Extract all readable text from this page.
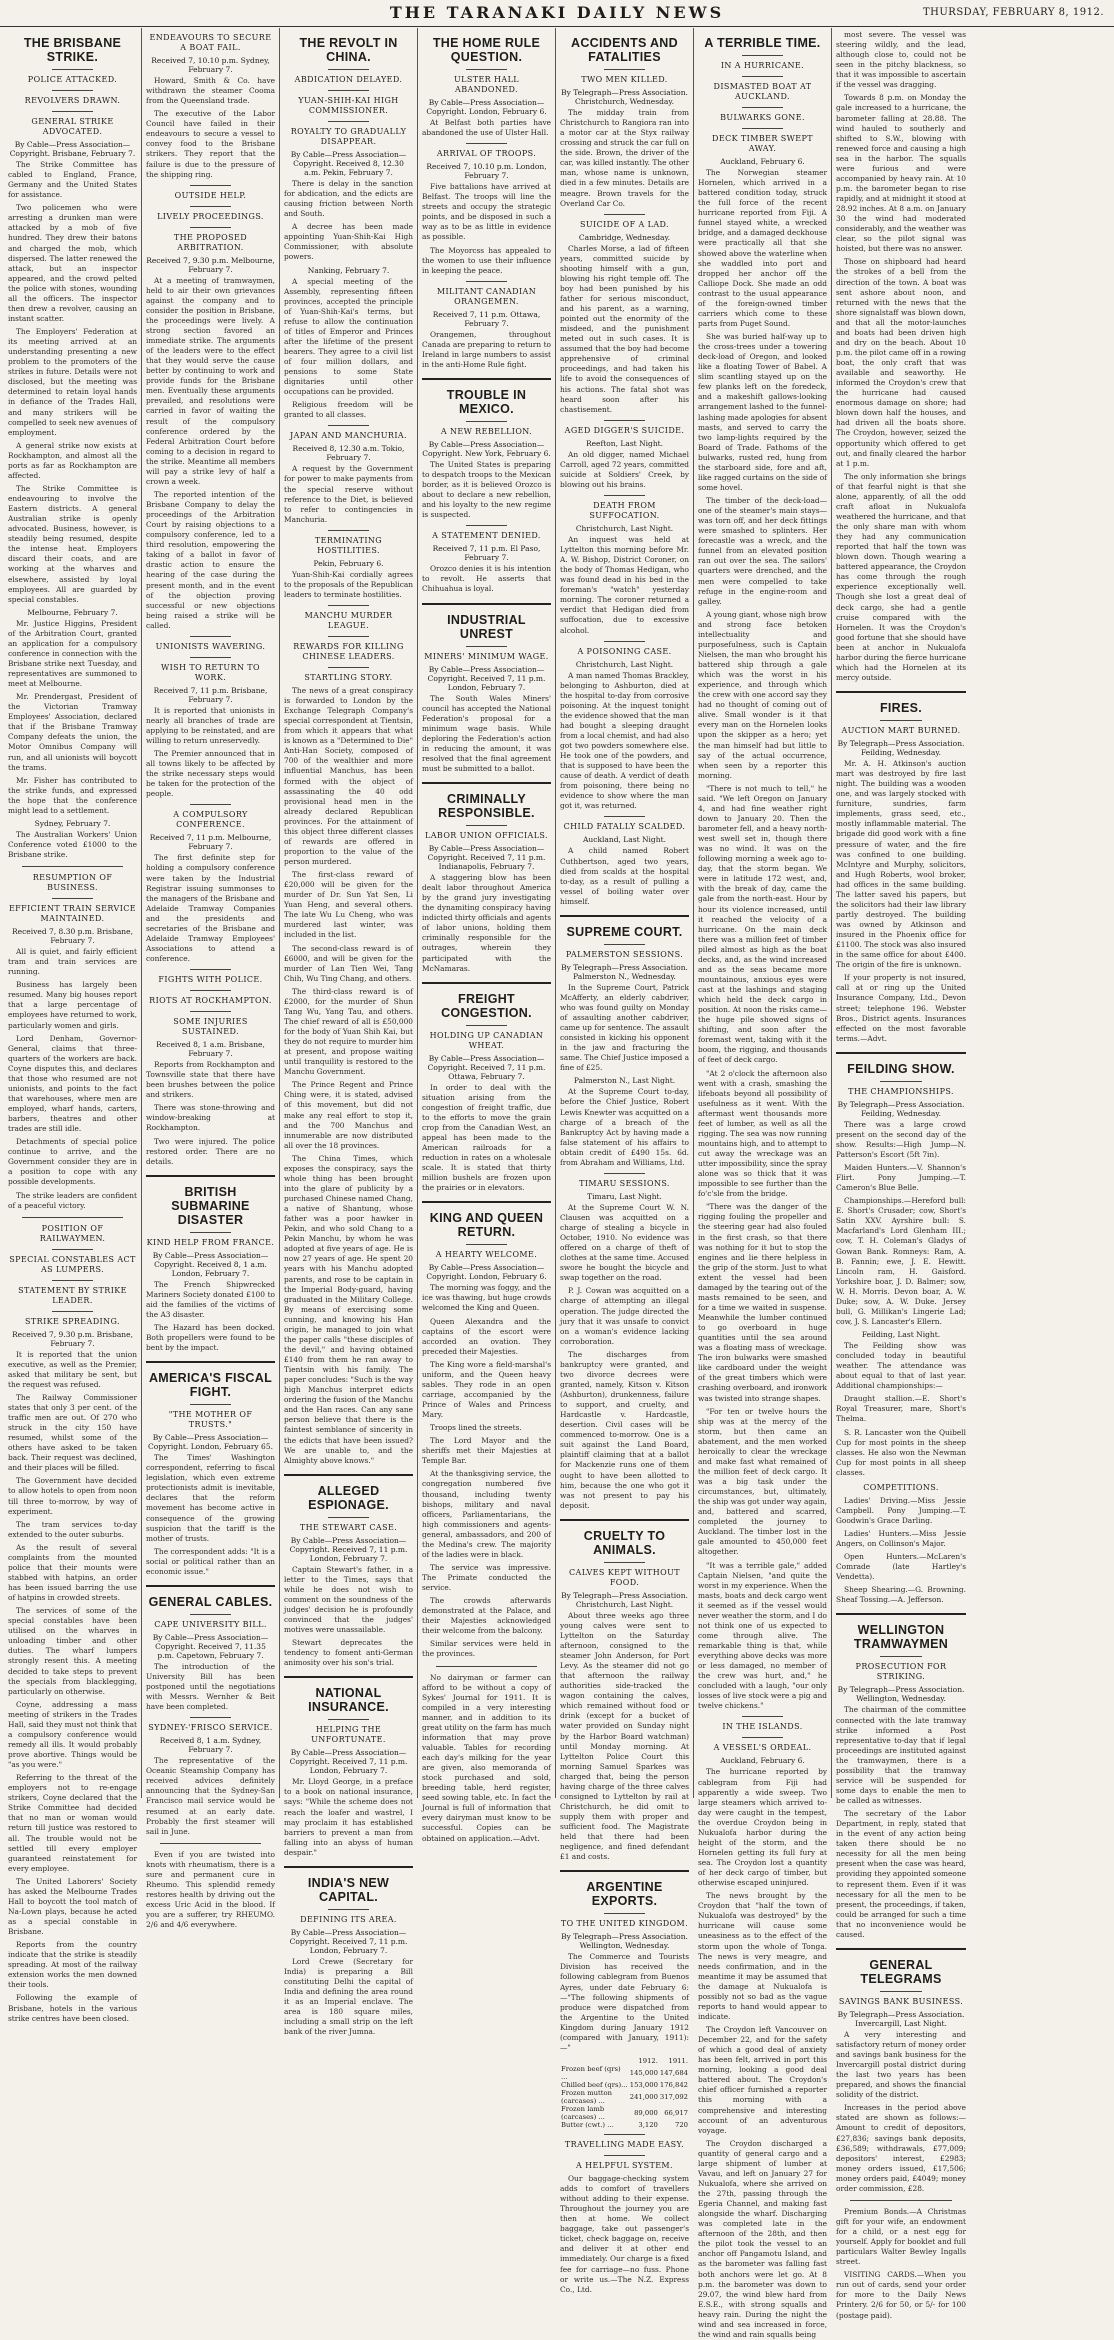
THE TARANAKI DAILY NEWS	THURSDAY, FEBRUARY 8, 1912.
THE BRISBANE STRIKE.
POLICE ATTACKED.
REVOLVERS DRAWN.
GENERAL STRIKE ADVOCATED.
By Cable—Press Association—Copyright. Brisbane, February 7.

The Strike Committee has cabled to England, France, Germany and the United States for assistance.

Two policemen who were arresting a drunken man were attacked by a mob of five hundred. They drew their batons and charged the mob, which dispersed. The latter renewed the attack, but an inspector appeared, and the crowd pelted the police with stones, wounding all the officers. The inspector then drew a revolver, causing an instant scatter.

The Employers' Federation at its meeting arrived at an understanding presenting a new problem to the promoters of the strikes in future. Details were not disclosed, but the meeting was determined to retain loyal hands in defiance of the Trades Hall, and many strikers will be compelled to seek new avenues of employment.

A general strike now exists at Rockhampton, and almost all the ports as far as Rockhampton are affected.

The Strike Committee is endeavouring to involve the Eastern districts. A general Australian strike is openly advocated. Business, however, is steadily being resumed, despite the intense heat. Employers discard their coats, and are working at the wharves and elsewhere, assisted by loyal employees. All are guarded by special constables.

Melbourne, February 7.

Mr. Justice Higgins, President of the Arbitration Court, granted an application for a compulsory conference in connection with the Brisbane strike next Tuesday, and representatives are summoned to meet at Melbourne.

Mr. Prendergast, President of the Victorian Tramway Employees' Association, declared that if the Brisbane Tramway Company defeats the union, the Motor Omnibus Company will run, and all unionists will boycott the trams.

Mr. Fisher has contributed to the strike funds, and expressed the hope that the conference might lead to a settlement.

Sydney, February 7.

The Australian Workers' Union Conference voted £1000 to the Brisbane strike.

RESUMPTION OF BUSINESS.
EFFICIENT TRAIN SERVICE MAINTAINED.
Received 7, 8.30 p.m. Brisbane, February 7.

All is quiet, and fairly efficient tram and train services are running.

Business has largely been resumed. Many big houses report that a large percentage of employees have returned to work, particularly women and girls.

Lord Denham, Governor-General, claims that three-quarters of the workers are back. Coyne disputes this, and declares that those who resumed are not unionists, and points to the fact that warehouses, where men are employed, wharf hands, carters, barbers, theatres and other trades are still idle.

Detachments of special police continue to arrive, and the Government consider they are in a position to cope with any possible developments.

The strike leaders are confident of a peaceful victory.

POSITION OF RAILWAYMEN.
SPECIAL CONSTABLES ACT AS LUMPERS.
STATEMENT BY STRIKE LEADER.
STRIKE SPREADING.
Received 7, 9.30 p.m. Brisbane, February 7.

It is reported that the union executive, as well as the Premier, asked that military be sent, but the request was refused.

The Railway Commissioner states that only 3 per cent. of the traffic men are out. Of 270 who struck in the city 150 have resumed, whilst some of the others have asked to be taken back. Their request was declined, and their places will be filled.

The Government have decided to allow hotels to open from noon till three to-morrow, by way of experiment.

The tram services to-day extended to the outer suburbs.

As the result of several complaints from the mounted police that their mounts were stabbed with hatpins, an order has been issued barring the use of hatpins in crowded streets.

The services of some of the special constables have been utilised on the wharves in unloading timber and other duties. The wharf lumpers strongly resent this. A meeting decided to take steps to prevent the specials from blacklegging, particularly on otherwise.

Coyne, addressing a mass meeting of strikers in the Trades Hall, said they must not think that a compulsory conference would remedy all ills. It would probably prove abortive. Things would be "as you were."

Referring to the threat of the employers not to re-engage strikers, Coyne declared that the Strike Committee had decided that no man or woman would return till justice was restored to all. The trouble would not be settled till every employer guaranteed reinstatement for every employee.

The United Laborers' Society has asked the Melbourne Trades Hall to boycott the tool match of Na-Lown plays, because he acted as a special constable in Brisbane.

Reports from the country indicate that the strike is steadily spreading. At most of the railway extension works the men downed their tools.

Following the example of Brisbane, hotels in the various strike centres have been closed.

ENDEAVOURS TO SECURE A BOAT FAIL.
Received 7, 10.10 p.m. Sydney, February 7.

Howard, Smith & Co. have withdrawn the steamer Cooma from the Queensland trade.

The executive of the Labor Council have failed in their endeavours to secure a vessel to convey food to the Brisbane strikers. They report that the failure is due to the pressure of the shipping ring.

OUTSIDE HELP.
LIVELY PROCEEDINGS.
THE PROPOSED ARBITRATION.
Received 7, 9.30 p.m. Melbourne, February 7.

At a meeting of tramwaymen, held to air their own grievances against the company and to consider the position in Brisbane, the proceedings were lively. A strong section favored an immediate strike. The arguments of the leaders were to the effect that they would serve the cause better by continuing to work and provide funds for the Brisbane men. Eventually these arguments prevailed, and resolutions were carried in favor of waiting the result of the compulsory conference ordered by the Federal Arbitration Court before coming to a decision in regard to the strike. Meantime all members will pay a strike levy of half a crown a week.

The reported intention of the Brisbane Company to delay the proceedings of the Arbitration Court by raising objections to a compulsory conference, led to a third resolution, empowering the taking of a ballot in favor of drastic action to ensure the hearing of the case during the present month, and in the event of the objection proving successful or new objections being raised a strike will be called.

UNIONISTS WAVERING.
WISH TO RETURN TO WORK.
Received 7, 11 p.m. Brisbane, February 7.

It is reported that unionists in nearly all branches of trade are applying to be reinstated, and are willing to return unreservedly.

The Premier announced that in all towns likely to be affected by the strike necessary steps would be taken for the protection of the people.

A COMPULSORY CONFERENCE.
Received 7, 11 p.m. Melbourne, February 7.

The first definite step for holding a compulsory conference were taken by the Industrial Registrar issuing summonses to the managers of the Brisbane and Adelaide Tramway Companies and the presidents and secretaries of the Brisbane and Adelaide Tramway Employees' Associations to attend a conference.

FIGHTS WITH POLICE.
RIOTS AT ROCKHAMPTON.
SOME INJURIES SUSTAINED.
Received 8, 1 a.m. Brisbane, February 7.

Reports from Rockhampton and Townsville state that there have been brushes between the police and strikers.

There was stone-throwing and window-breaking at Rockhampton.

Two were injured. The police restored order. There are no details.

BRITISH SUBMARINE DISASTER
KIND HELP FROM FRANCE.
By Cable—Press Association—Copyright. Received 8, 1 a.m. London, February 7.

The French Shipwrecked Mariners Society donated £100 to aid the families of the victims of the A3 disaster.

The Hazard has been docked. Both propellers were found to be bent by the impact.

AMERICA'S FISCAL FIGHT.
"THE MOTHER OF TRUSTS."
By Cable—Press Association—Copyright. London, February 65.

The Times' Washington correspondent, referring to fiscal legislation, which even extreme protectionists admit is inevitable, declares that the reform movement has become active in consequence of the growing suspicion that the tariff is the mother of trusts.

The correspondent adds: "It is a social or political rather than an economic issue."

GENERAL CABLES.
CAPE UNIVERSITY BILL.
By Cable—Press Association—Copyright. Received 7, 11.35 p.m. Capetown, February 7.

The introduction of the University Bill has been postponed until the negotiations with Messrs. Wernher & Beit have been completed.

SYDNEY-'FRISCO SERVICE.
Received 8, 1 a.m. Sydney, February 7.

The representative of the Oceanic Steamship Company has received advices definitely announcing that the Sydney-San Francisco mail service would be resumed at an early date. Probably the first steamer will sail in June.

Even if you are twisted into knots with rheumatism, there is a sure and permanent cure in Rheumo. This splendid remedy restores health by driving out the excess Uric Acid in the blood. If you are a sufferer, try RHEUMO. 2/6 and 4/6 everywhere.

THE REVOLT IN CHINA.
ABDICATION DELAYED.
YUAN-SHIH-KAI HIGH COMMISSIONER.
ROYALTY TO GRADUALLY DISAPPEAR.
By Cable—Press Association—Copyright. Received 8, 12.30 a.m. Pekin, February 7.

There is delay in the sanction for abdication, and the edicts are causing friction between North and South.

A decree has been made appointing Yuan-Shih-Kai High Commissioner, with absolute powers.

Nanking, February 7.

A special meeting of the Assembly, representing fifteen provinces, accepted the principle of Yuan-Shih-Kai's terms, but refuse to allow the continuation of titles of Emperor and Princes after the lifetime of the present bearers. They agree to a civil list of four million dollars, and pensions to some State dignitaries until other occupations can be provided.

Religious freedom will be granted to all classes.

JAPAN AND MANCHURIA.
Received 8, 12.30 a.m. Tokio, February 7.

A request by the Government for power to make payments from the special reserve without reference to the Diet, is believed to refer to contingencies in Manchuria.

TERMINATING HOSTILITIES.
Pekin, February 6.

Yuan-Shih-Kai cordially agrees to the proposals of the Republican leaders to terminate hostilities.

MANCHU MURDER LEAGUE.
REWARDS FOR KILLING CHINESE LEADERS.
STARTLING STORY.

The news of a great conspiracy is forwarded to London by the Exchange Telegraph Company's special correspondent at Tientsin, from which it appears that what is known as a "Determined to Die" Anti-Han Society, composed of 700 of the wealthier and more influential Manchus, has been formed with the object of assassinating the 40 odd provisional head men in the already declared Republican provinces. For the attainment of this object three different classes of rewards are offered in proportion to the value of the person murdered.

The first-class reward of £20,000 will be given for the murder of Dr. Sun Yat Sen, Li Yuan Heng, and several others. The late Wu Lu Cheng, who was murdered last winter, was included in the list.

The second-class reward is of £6000, and will be given for the murder of Lan Tien Wei, Tang Chih, Wu Ting Chang, and others.

The third-class reward is of £2000, for the murder of Shun Tang Wu, Yang Tau, and others. The chief reward of all is £50,000 for the body of Yuan Shih Kai, but they do not require to murder him at present, and propose waiting until tranquility is restored to the Manchu Government.

The Prince Regent and Prince Ching were, it is stated, advised of this movement, but did not make any real effort to stop it, and the 700 Manchus and innumerable are now distributed all over the 18 provinces.

The China Times, which exposes the conspiracy, says the whole thing has been brought into the glare of publicity by a purchased Chinese named Chang, a native of Shantung, whose father was a poor hawker in Pekin, and who sold Chang to a Pekin Manchu, by whom he was adopted at five years of age. He is now 27 years of age. He spent 20 years with his Manchu adopted parents, and rose to be captain in the Imperial Body-guard, having graduated in the Military College. By means of exercising some cunning, and knowing his Han origin, he managed to join what the paper calls "these disciples of the devil," and having obtained £140 from them he ran away to Tientsin with his family. The paper concludes: "Such is the way high Manchus interpret edicts ordering the fusion of the Manchu and the Han races. Can any sane person believe that there is the faintest semblance of sincerity in the edicts that have been issued? We are unable to, and the Almighty above knows."

ALLEGED ESPIONAGE.
THE STEWART CASE.
By Cable—Press Association—Copyright. Received 7, 11 p.m. London, February 7.

Captain Stewart's father, in a letter to the Times, says that while he does not wish to comment on the soundness of the judges' decision he is profoundly convinced that the judges' motives were unassailable.

Stewart deprecates the tendency to foment anti-German animosity over his son's trial.

NATIONAL INSURANCE.
HELPING THE UNFORTUNATE.
By Cable—Press Association—Copyright. Received 7, 11 p.m. London, February 7.

Mr. Lloyd George, in a preface to a book on national insurance, says: "While the scheme does not reach the loafer and wastrel, I may proclaim it has established barriers to prevent a man from falling into an abyss of human despair."

INDIA'S NEW CAPITAL.
DEFINING ITS AREA.
By Cable—Press Association—Copyright. Received 7, 11 p.m. London, February 7.

Lord Crewe (Secretary for India) is preparing a Bill constituting Delhi the capital of India and defining the area round it as an Imperial enclave. The area is 180 square miles, including a small strip on the left bank of the river Jumna.

THE HOME RULE QUESTION.
ULSTER HALL ABANDONED.
By Cable—Press Association—Copyright. London, February 6.

At Belfast both parties have abandoned the use of Ulster Hall.

ARRIVAL OF TROOPS.
Received 7, 10.10 p.m. London, February 7.

Five battalions have arrived at Belfast. The troops will line the streets and occupy the strategic points, and be disposed in such a way as to be as little in evidence as possible.

The Moyorcss has appealed to the women to use their influence in keeping the peace.

MILITANT CANADIAN ORANGEMEN.
Received 7, 11 p.m. Ottawa, February 7.

Orangemen, throughout Canada are preparing to return to Ireland in large numbers to assist in the anti-Home Rule fight.

TROUBLE IN MEXICO.
A NEW REBELLION.
By Cable—Press Association—Copyright. New York, February 6.

The United States is preparing to despatch troops to the Mexican border, as it is believed Orozco is about to declare a new rebellion, and his loyalty to the new regime is suspected.

A STATEMENT DENIED.
Received 7, 11 p.m. El Paso, February 7.

Orozco denies it is his intention to revolt. He asserts that Chihuahua is loyal.

INDUSTRIAL UNREST
MINERS' MINIMUM WAGE.
By Cable—Press Association—Copyright. Received 7, 11 p.m. London, February 7.

The South Wales Miners' council has accepted the National Federation's proposal for a minimum wage basis. While deploring the Federation's action in reducing the amount, it was resolved that the final agreement must be submitted to a ballot.

CRIMINALLY RESPONSIBLE.
LABOR UNION OFFICIALS.
By Cable—Press Association—Copyright. Received 7, 11 p.m. Indianapolis, February 7.

A staggering blow has been dealt labor throughout America by the grand jury investigating the dynamiting conspiracy having indicted thirty officials and agents of labor unions, holding them criminally responsible for the outrages, wherein they participated with the McNamaras.

FREIGHT CONGESTION.
HOLDING UP CANADIAN WHEAT.
By Cable—Press Association—Copyright. Received 7, 11 p.m. Ottawa, February 7.

In order to deal with the situation arising from the congestion of freight traffic, due to the efforts to move the grain crop from the Canadian West, an appeal has been made to the American railroads for a reduction in rates on a wholesale scale. It is stated that thirty million bushels are frozen upon the prairies or in elevators.

KING AND QUEEN RETURN.
A HEARTY WELCOME.
By Cable—Press Association—Copyright. London, February 6.

The morning was foggy, and the ice was thawing, but huge crowds welcomed the King and Queen.

Queen Alexandra and the captains of the escort were accorded an ovation. They preceded their Majesties.

The King wore a field-marshal's uniform, and the Queen heavy sables. They rode in an open carriage, accompanied by the Prince of Wales and Princess Mary.

Troops lined the streets.

The Lord Mayor and the sheriffs met their Majesties at Temple Bar.

At the thanksgiving service, the congregation numbered five thousand, including twenty bishops, military and naval officers, Parliamentarians, the high commissioners and agents-general, ambassadors, and 200 of the Medina's crew. The majority of the ladies were in black.

The service was impressive. The Primate conducted the service.

The crowds afterwards demonstrated at the Palace, and their Majesties acknowledged their welcome from the balcony.

Similar services were held in the provinces.

No dairyman or farmer can afford to be without a copy of Sykes' Journal for 1911. It is compiled in a very interesting manner, and in addition to its great utility on the farm has much information that may prove valuable. Tables for recording each day's milking for the year are given, also memoranda of stock purchased and sold, breeding table, herd register, seed sowing table, etc. In fact the Journal is full of information that every dairyman must know to be successful. Copies can be obtained on application.—Advt.

ACCIDENTS AND FATALITIES
TWO MEN KILLED.
By Telegraph—Press Association. Christchurch, Wednesday.

The midday train from Christchurch to Rangiora ran into a motor car at the Styx railway crossing and struck the car full on the side. Brown, the driver of the car, was killed instantly. The other man, whose name is unknown, died in a few minutes. Details are meagre. Brown travels for the Overland Car Co.

SUICIDE OF A LAD.
Cambridge, Wednesday.

Charles Morse, a lad of fifteen years, committed suicide by shooting himself with a gun, blowing his right temple off. The boy had been punished by his father for serious misconduct, and his parent, as a warning, pointed out the enormity of the misdeed, and the punishment meted out in such cases. It is assumed that the boy had become apprehensive of criminal proceedings, and had taken his life to avoid the consequences of his actions. The fatal shot was heard soon after his chastisement.

AGED DIGGER'S SUICIDE.
Reefton, Last Night.

An old digger, named Michael Carroll, aged 72 years, committed suicide at Soldiers' Creek, by blowing out his brains.

DEATH FROM SUFFOCATION.
Christchurch, Last Night.

An inquest was held at Lyttelton this morning before Mr. A. W. Bishop, District Coroner, on the body of Thomas Hedigan, who was found dead in his bed in the foreman's "watch" yesterday morning. The coroner returned a verdict that Hedigan died from suffocation, due to excessive alcohol.

A POISONING CASE.
Christchurch, Last Night.

A man named Thomas Brackley, belonging to Ashburton, died at the hospital to-day from corrosive poisoning. At the inquest tonight the evidence showed that the man had bought a sleeping draught from a local chemist, and had also got two powders somewhere else. He took one of the powders, and that is supposed to have been the cause of death. A verdict of death from poisoning, there being no evidence to show where the man got it, was returned.

CHILD FATALLY SCALDED.
Auckland, Last Night.

A child named Robert Cuthbertson, aged two years, died from scalds at the hospital to-day, as a result of pulling a vessel of boiling water over himself.

SUPREME COURT.
PALMERSTON SESSIONS.
By Telegraph—Press Association. Palmerston N., Wednesday.

In the Supreme Court, Patrick McAfferty, an elderly cabdriver, who was found guilty on Monday of assaulting another cabdriver, came up for sentence. The assault consisted in kicking his opponent in the jaw and fracturing the same. The Chief Justice imposed a fine of £25.

Palmerston N., Last Night.

At the Supreme Court to-day, before the Chief Justice, Robert Lewis Knewter was acquitted on a charge of a breach of the Bankruptcy Act by having made a false statement of his affairs to obtain credit of £490 15s. 6d. from Abraham and Williams, Ltd.

TIMARU SESSIONS.
Timaru, Last Night.

At the Supreme Court W. N. Clausen was acquitted on a charge of stealing a bicycle in October, 1910. No evidence was offered on a charge of theft of clothes at the same time. Accused swore he bought the bicycle and swap together on the road.

P. J. Cowan was acquitted on a charge of attempting an illegal operation. The judge directed the jury that it was unsafe to convict on a woman's evidence lacking corroboration.

The discharges from bankruptcy were granted, and two divorce decrees were granted, namely, Kitson v. Kitson (Ashburton), drunkenness, failure to support, and cruelty, and Hardcastle v. Hardcastle, desertion. Civil cases will be commenced to-morrow. One is a suit against the Land Board, plaintiff claiming that at a ballot for Mackenzie runs one of them ought to have been allotted to him, because the one who got it was not present to pay his deposit.

CRUELTY TO ANIMALS.
CALVES KEPT WITHOUT FOOD.
By Telegraph—Press Association. Christchurch, Last Night.

About three weeks ago three young calves were sent to Lyttelton on the Saturday afternoon, consigned to the steamer John Anderson, for Port Levy. As the steamer did not go that afternoon the railway authorities side-tracked the wagon containing the calves, which remained without food or drink (except for a bucket of water provided on Sunday night by the Harbor Board watchman) until Monday morning. At Lyttelton Police Court this morning Samuel Sparkes was charged that, being the person having charge of the three calves consigned to Lyttelton by rail at Christchurch, he did omit to supply them with proper and sufficient food. The Magistrate held that there had been negligence, and fined defendant £1 and costs.

ARGENTINE EXPORTS.
TO THE UNITED KINGDOM.
By Telegraph—Press Association. Wellington, Wednesday.

The Commerce and Tourists Division has received the following cablegram from Buenos Ayres, under date February 6:—"The following shipments of produce were dispatched from the Argentine to the United Kingdom during January 1912 (compared with January, 1911):—"

	1912.	1911.
Frozen beef (qrs) ...	145,000	147,684
Chilled beef (qrs)...	153,000	176,842
Frozen mutton (carcases) ...	241,000	317,092
Frozen lamb (carcases) ...	89,000	66,917
Butter (cwt.) ...	3,120	720
TRAVELLING MADE EASY.
A HELPFUL SYSTEM.

Our baggage-checking system adds to comfort of travellers without adding to their expense. Throughout the journey you are then at home. We collect baggage, take out passenger's ticket, check baggage on, receive and deliver it at other end immediately. Our charge is a fixed fee for carriage—no fuss. Phone or write us.—The N.Z. Express Co., Ltd.

A TERRIBLE TIME.
IN A HURRICANE.
DISMASTED BOAT AT AUCKLAND.
BULWARKS GONE.
DECK TIMBER SWEPT AWAY.
Auckland, February 6.

The Norwegian steamer Hornelen, which arrived in a battered condition today, struck the full force of the recent hurricane reported from Fiji. A funnel stayed white, a wrecked bridge, and a damaged deckhouse were practically all that she showed above the waterline when she waddled into port and dropped her anchor off the Calliope Dock. She made an odd contrast to the usual appearance of the foreign-owned timber carriers which come to these parts from Puget Sound.

She was buried half-way up to the cross-trees under a towering deck-load of Oregon, and looked like a floating Tower of Babel. A slim scantling stayed up on the few planks left on the foredeck, and a makeshift gallows-looking arrangement lashed to the funnel-lashing made apologies for absent masts, and served to carry the two lamp-lights required by the Board of Trade. Fathoms of the bulwarks, rusted red, hung from the starboard side, fore and aft, like ragged curtains on the side of some hovel.

The timber of the deck-load—one of the steamer's main stays—was torn off, and her deck fittings were smashed to splinters. Her forecastle was a wreck, and the funnel from an elevated position ran out over the sea. The sailors' quarters were drenched, and the men were compelled to take refuge in the engine-room and galley.

A young giant, whose nigh brow and strong face betoken intellectuality and purposefulness, such is Captain Nielsen, the man who brought his battered ship through a gale which was the worst in his experience, and through which the crew with one accord say they had no thought of coming out of alive. Small wonder is it that every man on the Hornelen looks upon the skipper as a hero; yet the man himself had but little to say of the actual occurrence, when seen by a reporter this morning.

"There is not much to tell," he said. "We left Oregon on January 4, and had fine weather right down to January 20. Then the barometer fell, and a heavy north-west swell set in, though there was no wind. It was on the following morning a week ago to-day, that the storm began. We were in latitude 172 west, and, with the break of day, came the gale from the north-east. Hour by hour its violence increased, until it reached the velocity of a hurricane. On the main deck there was a million feet of timber piled almost as high as the boat decks, and, as the wind increased and as the seas became more mountainous, anxious eyes were cast at the lashings and staging which held the deck cargo in position. At noon the risks came—the huge pile showed signs of shifting, and soon after the foremast went, taking with it the boom, the rigging, and thousands of feet of deck cargo.

"At 2 o'clock the afternoon also went with a crash, smashing the lifeboats beyond all possibility of usefulness as it went. With the aftermast went thousands more feet of lumber, as well as all the rigging. The sea was now running mountains high, and to attempt to cut away the wreckage was an utter impossibility, since the spray alone was so thick that it was impossible to see further than the fo'c'sle from the bridge.

"There was the danger of the rigging fouling the propeller and the steering gear had also fouled in the first crash, so that there was nothing for it but to stop the engines and lie there helpless in the grip of the storm. Just to what extent the vessel had been damaged by the tearing out of the masts remained to be seen, and for a time we waited in suspense. Meanwhile the lumber continued to go overboard in huge quantities until the sea around was a floating mass of wreckage. The iron bulwarks were smashed like cardboard under the weight of the great timbers which were crashing overboard, and ironwork was twisted into strange shapes.

"For ten or twelve hours the ship was at the mercy of the storm, but then came an abatement, and the men worked heroically to clear the wreckage and make fast what remained of the million feet of deck cargo. It was a big task under the circumstances, but, ultimately, the ship was got under way again, and, battered and scarred, completed the journey to Auckland. The timber lost in the gale amounted to 450,000 feet altogether.

"It was a terrible gale," added Captain Nielsen, "and quite the worst in my experience. When the masts, boats and deck cargo went it seemed as if the vessel would never weather the storm, and I do not think one of us expected to come through alive. The remarkable thing is that, while everything above decks was more or less damaged, no member of the crew was hurt, and," he concluded with a laugh, "our only losses of live stock were a pig and twelve chickens."

IN THE ISLANDS.
A VESSEL'S ORDEAL.
Auckland, February 6.

The hurricane reported by cablegram from Fiji had apparently a wide sweep. Two large steamers which arrived to-day were caught in the tempest, the overdue Croydon being in Nukualofa harbor during the height of the storm, and the Hornelen getting its full fury at sea. The Croydon lost a quantity of her deck cargo of timber, but otherwise escaped uninjured.

The news brought by the Croydon that "half the town of Nukualofa was destroyed" by the hurricane will cause some uneasiness as to the effect of the storm upon the whole of Tonga. The news is very meagre, and needs confirmation, and in the meantime it may be assumed that the damage at Nukualofa is possibly not so bad as the vague reports to hand would appear to indicate.

The Croydon left Vancouver on December 22, and for the safety of which a good deal of anxiety has been felt, arrived in port this morning, looking a good deal battered about. The Croydon's chief officer furnished a reporter this morning with a comprehensive and interesting account of an adventurous voyage.

The Croydon discharged a quantity of general cargo and a large shipment of lumber at Vavau, and left on January 27 for Nukualofa, where she arrived on the 27th, passing through the Egeria Channel, and making fast alongside the wharf. Discharging was completed late in the afternoon of the 28th, and then the pilot took the vessel to an anchor off Pangamotu Island, and as the barometer was falling fast both anchors were let go. At 8 p.m. the barometer was down to 29.07, the wind blew hard from E.S.E., with strong squalls and heavy rain. During the night the wind and sea increased in force, the wind and rain squalls being

most severe. The vessel was steering wildly, and the lead, although close to, could not be seen in the pitchy blackness, so that it was impossible to ascertain if the vessel was dragging.

Towards 8 p.m. on Monday the gale increased to a hurricane, the barometer falling at 28.88. The wind hauled to southerly and shifted to S.W., blowing with renewed force and causing a high sea in the harbor. The squalls were furious and were accompanied by heavy rain. At 10 p.m. the barometer began to rise rapidly, and at midnight it stood at 28.92 inches. At 8 a.m. on January 30 the wind had moderated considerably, and the weather was clear, so the pilot signal was hoisted, but there was no answer.

Those on shipboard had heard the strokes of a bell from the direction of the town. A boat was sent ashore about noon, and returned with the news that the shore signalstaff was blown down, and that all the motor-launches and boats had been driven high and dry on the beach. About 10 p.m. the pilot came off in a rowing boat, the only craft that was available and seaworthy. He informed the Croydon's crew that the hurricane had caused enormous damage on shore; had blown down half the houses, and had driven all the boats shore. The Croydon, however, seized the opportunity which offered to get out, and finally cleared the harbor at 1 p.m.

The only information she brings of that fearful night is that she alone, apparently, of all the odd craft afloat in Nukualofa weathered the hurricane, and that the only share man with whom they had any communication reported that half the town was blown down. Though wearing a battered appearance, the Croydon has come through the rough experience exceptionally well. Though she lost a great deal of deck cargo, she had a gentle cruise compared with the Hornelen. It was the Croydon's good fortune that she should have been at anchor in Nukualofa harbor during the fierce hurricane which had the Hornelen at its mercy outside.

FIRES.
AUCTION MART BURNED.
By Telegraph—Press Association. Feilding, Wednesday.

Mr. A. H. Atkinson's auction mart was destroyed by fire last night. The building was a wooden one, and was largely stocked with furniture, sundries, farm implements, grass seed, etc., mostly inflammable material. The brigade did good work with a fine pressure of water, and the fire was confined to one building. McIntyre and Murphy, solicitors, and Hugh Roberts, wool broker, had offices in the same building. The latter saved his papers, but the solicitors had their law library partly destroyed. The building was owned by Atkinson and insured in the Phoenix office for £1100. The stock was also insured in the same office for about £400. The origin of the fire is unknown.

If your property is not insured, call at or ring up the United Insurance Company, Ltd., Devon street; telephone 196. Webster Bros., District agents. Insurances effected on the most favorable terms.—Advt.

FEILDING SHOW.
THE CHAMPIONSHIPS.
By Telegraph—Press Association. Feilding, Wednesday.

There was a large crowd present on the second day of the show. Results:—High Jump—N. Patterson's Escort (5ft 7in).

Maiden Hunters.—V. Shannon's Flirt. Pony Jumping.—T. Cameron's Blue Belle.

Championships.—Hereford bull: E. Short's Crusader; cow, Short's Satin XXV. Ayrshire bull: S. Macfarland's Lord Glenham III.; cow, T. H. Coleman's Gladys of Gowan Bank. Romneys: Ram, A. B. Fannin; ewe, J. E. Hewitt. Lincoln ram, H. Gaisford. Yorkshire boar, J. D. Balmer; sow, W. H. Morris. Devon boar, A. W. Duke; sow, A. W. Duke. Jersey bull, G. Millikan's Lingerie Lad; cow, J. S. Lancaster's Ellern.

Feilding, Last Night.

The Feilding show was concluded today in beautiful weather. The attendance was about equal to that of last year. Additional championships:—

Draught stallion.—E. Short's Royal Treasurer, mare, Short's Thelma.

S. R. Lancaster won the Quibell Cup for most points in the sheep classes. He also won the Newman Cup for most points in all sheep classes.

COMPETITIONS.

Ladies' Driving.—Miss Jessie Campbell. Pony Jumping.—T. Goodwin's Grace Darling.

Ladies' Hunters.—Miss Jessie Angers, on Collinson's Major.

Open Hunters.—McLaren's Comrade (late Hartley's Vendetta).

Sheep Shearing.—G. Browning. Sheaf Tossing.—A. Jefferson.

WELLINGTON TRAMWAYMEN
PROSECUTION FOR STRIKING.
By Telegraph—Press Association. Wellington, Wednesday.

The chairman of the committee connected with the late tramway strike informed a Post representative to-day that if legal proceedings are instituted against the tramwaymen, there is a possibility that the tramway service will be suspended for some days to enable the men to be called as witnesses.

The secretary of the Labor Department, in reply, stated that in the event of any action being taken there should be no necessity for all the men being present when the case was heard, providing they appointed someone to represent them. Even if it was necessary for all the men to be present, the proceedings, if taken, could be arranged for such a time that no inconvenience would be caused.

GENERAL TELEGRAMS
SAVINGS BANK BUSINESS.
By Telegraph—Press Association. Invercargill, Last Night.

A very interesting and satisfactory return of money order and savings bank business for the Invercargill postal district during the last two years has been prepared, and shows the financial solidity of the district.

Increases in the period above stated are shown as follows:—Amount to credit of depositors, £27,836; savings bank deposits, £36,589; withdrawals, £77,009; depositors' interest, £2983; money orders issued, £17,506; money orders paid, £4049; money order commission, £28.

Premium Bonds.—A Christmas gift for your wife, an endowment for a child, or a nest egg for yourself. Apply for booklet and full particulars Walter Bewley Ingalls street.

VISITING CARDS.—When you run out of cards, send your order for more to the Daily News Printery. 2/6 for 50, or 5/- for 100 (postage paid).
